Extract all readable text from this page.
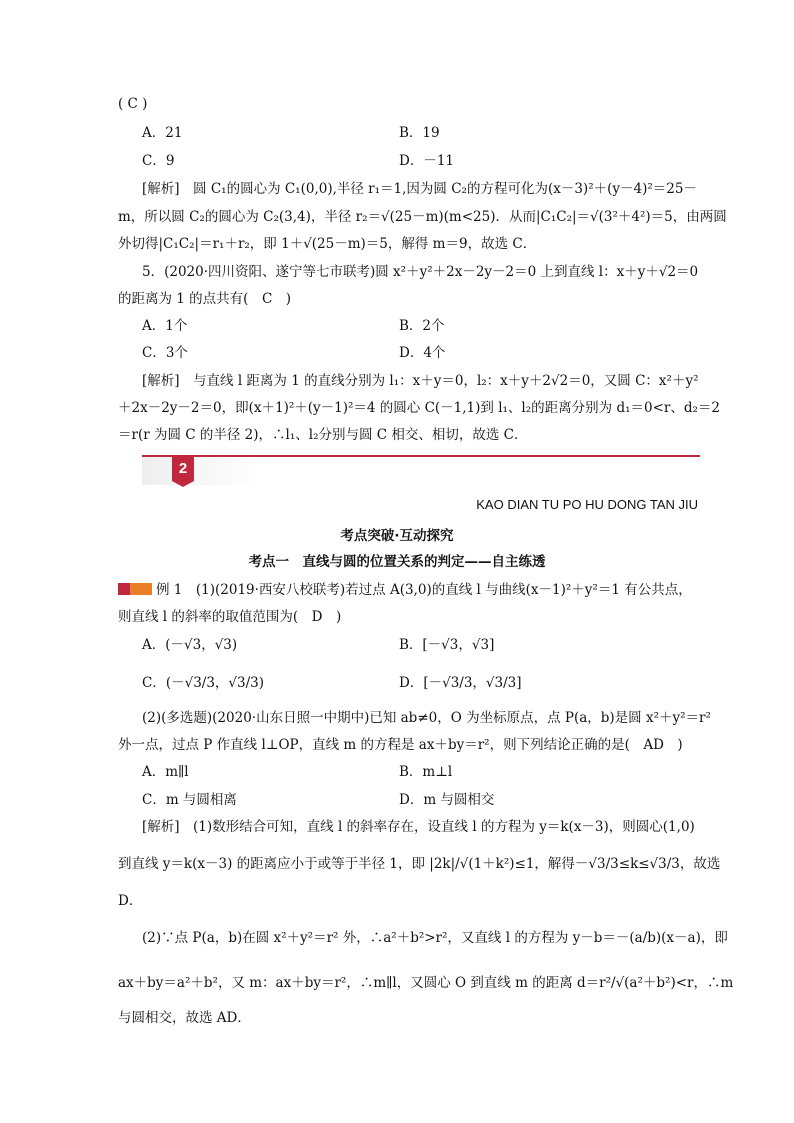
( C )
A．21	B．19
C．9	D．－11
[解析]　圆 C₁的圆心为 C₁(0,0),半径 r₁＝1,因为圆 C₂的方程可化为(x－3)²＋(y－4)²＝25－
m，所以圆 C₂的圆心为 C₂(3,4)，半径 r₂＝√(25－m)(m<25)．从而|C₁C₂|＝√(3²＋4²)＝5，由两圆
外切得|C₁C₂|＝r₁＋r₂，即 1＋√(25－m)＝5，解得 m＝9，故选 C．
5．(2020·四川资阳、遂宁等七市联考)圆 x²＋y²＋2x－2y－2＝0 上到直线 l：x＋y＋√2＝0
的距离为 1 的点共有(　C　)
A．1个	B．2个
C．3个	D．4个
[解析]　与直线 l 距离为 1 的直线分别为 l₁：x＋y＝0，l₂：x＋y＋2√2＝0，又圆 C：x²＋y²
＋2x－2y－2＝0，即(x＋1)²＋(y－1)²＝4 的圆心 C(－1,1)到 l₁、l₂的距离分别为 d₁＝0<r、d₂＝2
＝r(r 为圆 C 的半径 2)，∴l₁、l₂分别与圆 C 相交、相切，故选 C．
2
KAO DIAN TU PO HU DONG TAN JIU
考点突破·互动探究
考点一　直线与圆的位置关系的判定——自主练透
例 1　(1)(2019·西安八校联考)若过点 A(3,0)的直线 l 与曲线(x－1)²＋y²＝1 有公共点，
则直线 l 的斜率的取值范围为(　D　)
A．(－√3，√3)	B．[－√3，√3]
C．(－√3/3，√3/3)	D．[－√3/3，√3/3]
(2)(多选题)(2020·山东日照一中期中)已知 ab≠0，O 为坐标原点，点 P(a，b)是圆 x²＋y²＝r²
外一点，过点 P 作直线 l⊥OP，直线 m 的方程是 ax＋by＝r²，则下列结论正确的是(　AD　)
A．m∥l	B．m⊥l
C．m 与圆相离	D．m 与圆相交
[解析]　(1)数形结合可知，直线 l 的斜率存在，设直线 l 的方程为 y＝k(x－3)，则圆心(1,0)
到直线 y＝k(x－3) 的距离应小于或等于半径 1，即 |2k|/√(1＋k²)≤1，解得－√3/3≤k≤√3/3，故选
D．
(2)∵点 P(a，b)在圆 x²＋y²＝r² 外，∴a²＋b²>r²，又直线 l 的方程为 y－b＝－(a/b)(x－a)，即
ax＋by＝a²＋b²，又 m：ax＋by＝r²，∴m∥l，又圆心 O 到直线 m 的距离 d＝r²/√(a²＋b²)<r，∴m
与圆相交，故选 AD．
